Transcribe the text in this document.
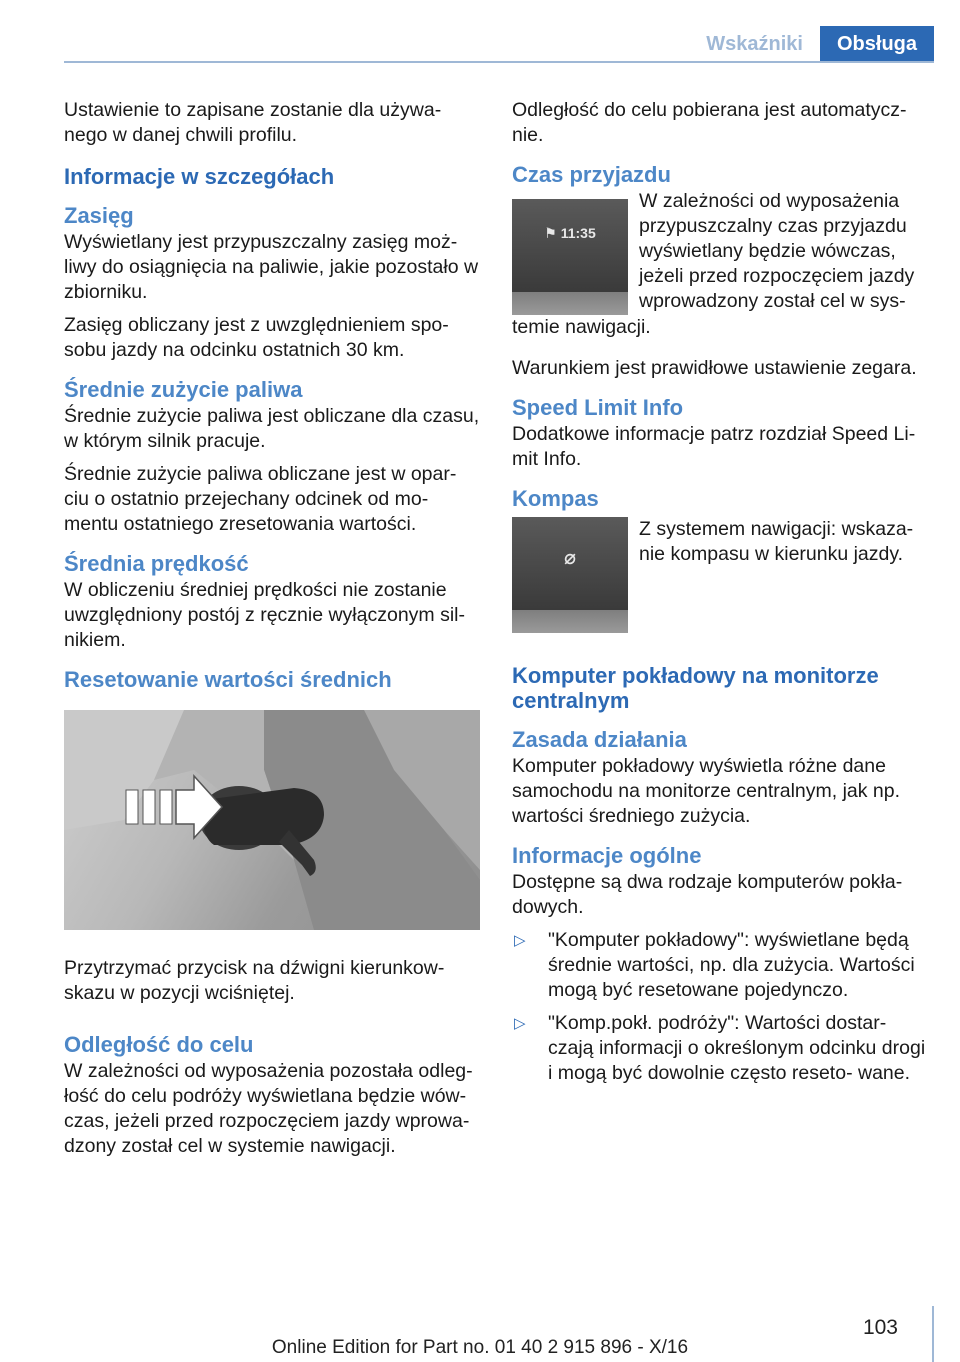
Wskaźniki	Obsługa

Ustawienie to zapisane zostanie dla używa- nego w danej chwili profilu.

Informacje w szczegółach
Zasięg

Wyświetlany jest przypuszczalny zasięg moż- liwy do osiągnięcia na paliwie, jakie pozostało w zbiorniku.

Zasięg obliczany jest z uwzględnieniem spo- sobu jazdy na odcinku ostatnich 30 km.

Średnie zużycie paliwa

Średnie zużycie paliwa jest obliczane dla czasu, w którym silnik pracuje.

Średnie zużycie paliwa obliczane jest w opar- ciu o ostatnio przejechany odcinek od mo- mentu ostatniego zresetowania wartości.

Średnia prędkość

W obliczeniu średniej prędkości nie zostanie uwzględniony postój z ręcznie wyłączonym sil- nikiem.

Resetowanie wartości średnich

Przytrzymać przycisk na dźwigni kierunkow- skazu w pozycji wciśniętej.

Odległość do celu

W zależności od wyposażenia pozostała odleg- łość do celu podróży wyświetlana będzie wów- czas, jeżeli przed rozpoczęciem jazdy wprowa- dzony został cel w systemie nawigacji.

Odległość do celu pobierana jest automatycz- nie.

Czas przyjazdu
⚑ 11:35

W zależności od wyposażenia przypuszczalny czas przyjazdu wyświetlany będzie wówczas, jeżeli przed rozpoczęciem jazdy wprowadzony został cel w sys-

temie nawigacji.

Warunkiem jest prawidłowe ustawienie zegara.

Speed Limit Info

Dodatkowe informacje patrz rozdział Speed Li- mit Info.

Kompas
⌀

Z systemem nawigacji: wskaza- nie kompasu w kierunku jazdy.

Komputer pokładowy na monitorze centralnym
Zasada działania

Komputer pokładowy wyświetla różne dane samochodu na monitorze centralnym, jak np. wartości średniego zużycia.

Informacje ogólne

Dostępne są dwa rodzaje komputerów pokła- dowych.

▷	"Komputer pokładowy": wyświetlane będą średnie wartości, np. dla zużycia. Wartości mogą być resetowane pojedynczo.
▷	"Komp.pokł. podróży": Wartości dostar- czają informacji o określonym odcinku drogi i mogą być dowolnie często reseto- wane.
103
Online Edition for Part no. 01 40 2 915 896 - X/16
